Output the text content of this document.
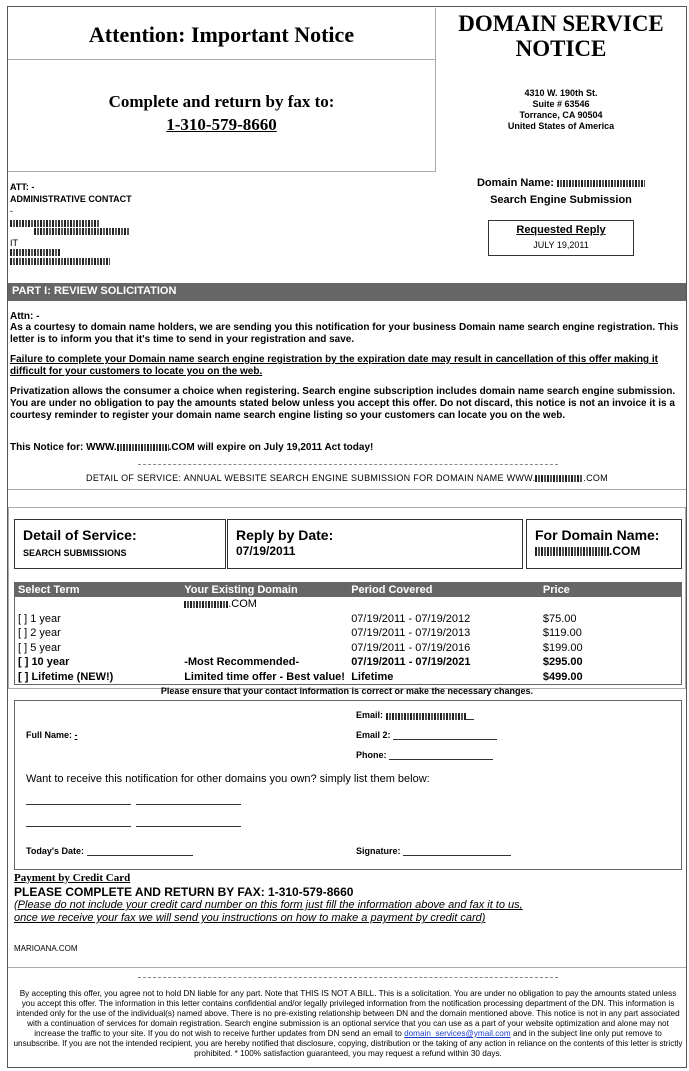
Attention: Important Notice	DOMAIN SERVICE NOTICE
Complete and return by fax to:
1-310-579-8660
4310 W. 190th St.
Suite # 63546
Torrance, CA 90504
United States of America
ATT: -
ADMINISTRATIVE CONTACT
-
IT
Domain Name:
Search Engine Submission
Requested Reply
JULY 19,2011
PART I: REVIEW SOLICITATION
Attn: -
As a courtesy to domain name holders, we are sending you this notification for your business Domain name search engine registration. This letter is to inform you that it's time to send in your registration and save.
Failure to complete your Domain name search engine registration by the expiration date may result in cancellation of this offer making it difficult for your customers to locate you on the web.
Privatization allows the consumer a choice when registering. Search engine subscription includes domain name search engine submission. You are under no obligation to pay the amounts stated below unless you accept this offer. Do not discard, this notice is not an invoice it is a courtesy reminder to register your domain name search engine listing so your customers can locate you on the web.
This Notice for: WWW.	.COM will expire on July 19,2011 Act today!
DETAIL OF SERVICE: ANNUAL WEBSITE SEARCH ENGINE SUBMISSION FOR DOMAIN NAME WWW.	.COM
Detail of Service:
SEARCH SUBMISSIONS
Reply by Date:
07/19/2011
For Domain Name:
.COM
Select Term	Your Existing Domain	Period Covered	Price
	.COM		
[ ] 1 year		07/19/2011 - 07/19/2012	$75.00
[ ] 2 year		07/19/2011 - 07/19/2013	$119.00
[ ] 5 year		07/19/2011 - 07/19/2016	$199.00
[ ] 10 year	-Most Recommended-	07/19/2011 - 07/19/2021	$295.00
[ ] Lifetime (NEW!)	Limited time offer - Best value!	Lifetime	$499.00
Please ensure that your contact information is correct or make the necessary changes.
Email:
Full Name: -	Email 2:
Phone:
Want to receive this notification for other domains you own? simply list them below:
Today's Date:	Signature:
Payment by Credit Card
PLEASE COMPLETE AND RETURN BY FAX: 1-310-579-8660
(Please do not include your credit card number on this form just fill the information above and fax it to us, once we receive your fax we will send you instructions on how to make a payment by credit card)
MARIOANA.COM
By accepting this offer, you agree not to hold DN liable for any part. Note that THIS IS NOT A BILL. This is a solicitation. You are under no obligation to pay the amounts stated unless you accept this offer. The information in this letter contains confidential and/or legally privileged information from the notification processing department of the DN. This information is intended only for the use of the individual(s) named above. There is no pre-existing relationship between DN and the domain mentioned above. This notice is not in any part associated with a continuation of services for domain registration. Search engine submission is an optional service that you can use as a part of your website optimization and alone may not increase the traffic to your site. If you do not wish to receive further updates from DN send an email to domain_services@ymail.com and in the subject line only put remove to unsubscribe. If you are not the intended recipient, you are hereby notified that disclosure, copying, distribution or the taking of any action in reliance on the contents of this letter is strictly prohibited. * 100% satisfaction guaranteed, you may request a refund within 30 days.
